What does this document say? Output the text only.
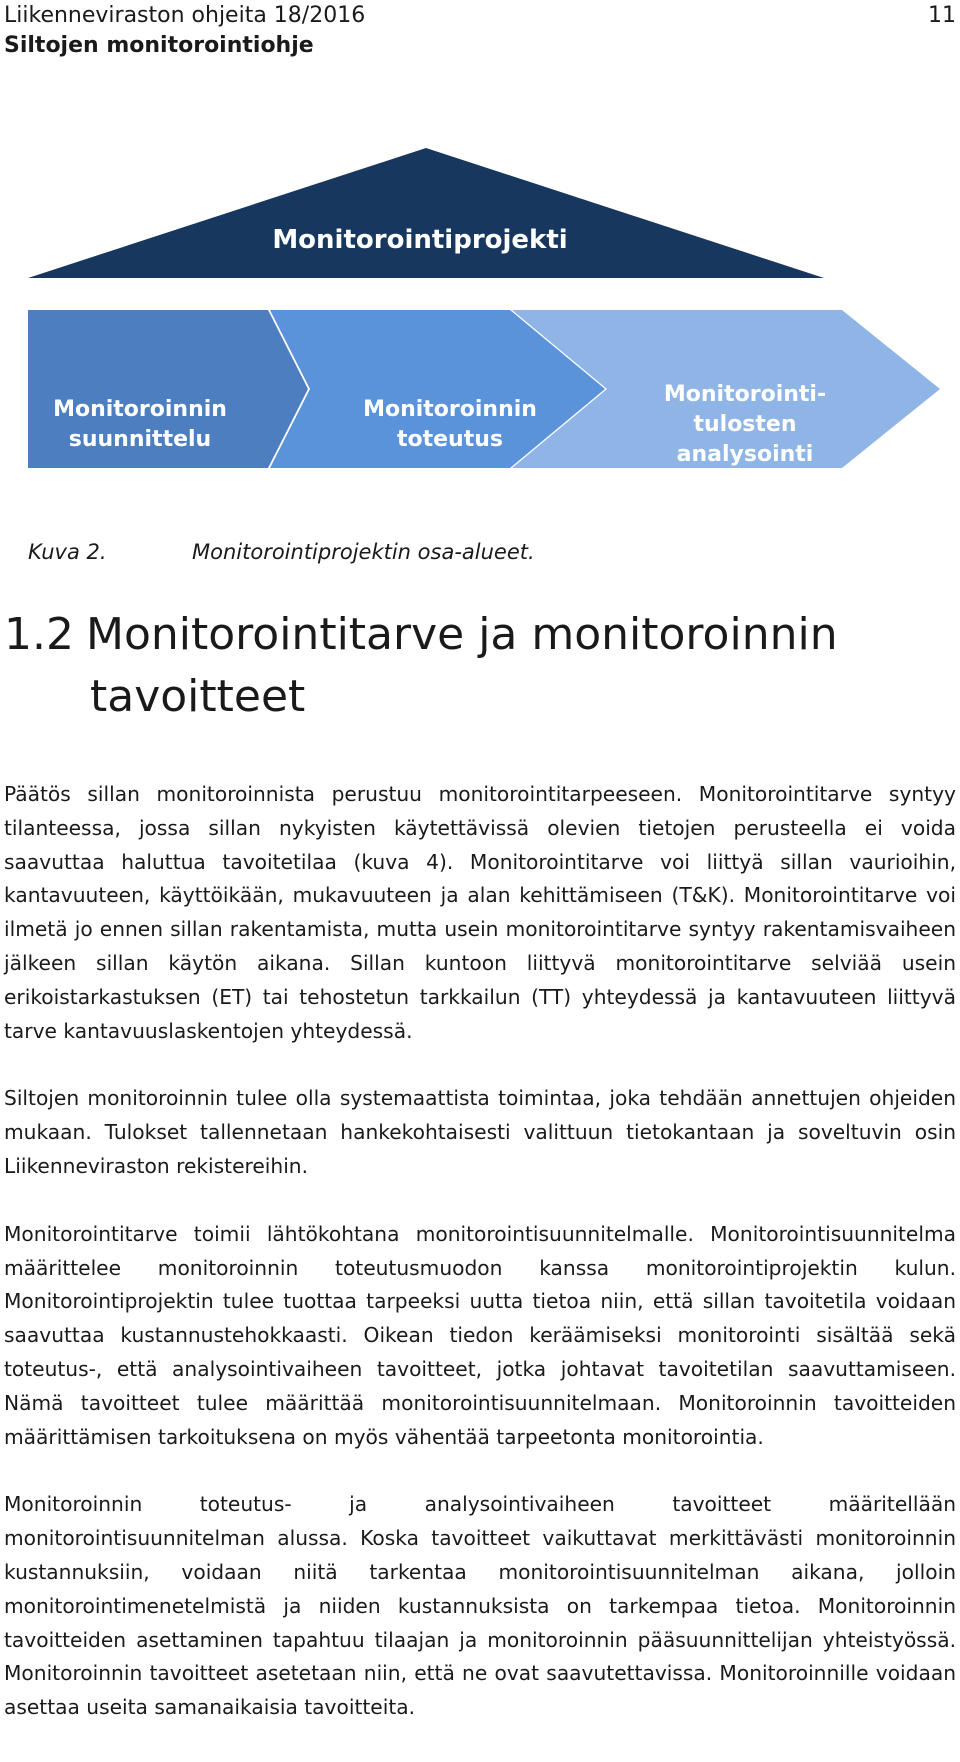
Liikenneviraston ohjeita 18/2016
Siltojen monitorointiohje
11
Monitorointiprojekti
Monitoroinnin
suunnittelu
Monitoroinnin
toteutus
Monitorointi-
tulosten
analysointi
Kuva 2.	Monitorointiprojektin osa-alueet.
1.2 Monitorointitarve ja monitoroinnin
tavoitteet

Päätös sillan monitoroinnista perustuu monitorointitarpeeseen. Monitorointitarve syntyy tilanteessa, jossa sillan nykyisten käytettävissä olevien tietojen perusteella ei voida saavuttaa haluttua tavoitetilaa (kuva 4). Monitorointitarve voi liittyä sillan vaurioihin, kantavuuteen, käyttöikään, mukavuuteen ja alan kehittämiseen (T&K). Monitorointitarve voi ilmetä jo ennen sillan rakentamista, mutta usein monitorointitarve syntyy rakentamisvaiheen jälkeen sillan käytön aikana. Sillan kuntoon liittyvä monitorointitarve selviää usein erikoistarkastuksen (ET) tai tehostetun tarkkailun (TT) yhteydessä ja kantavuuteen liittyvä tarve kantavuuslaskentojen yhteydessä.

Siltojen monitoroinnin tulee olla systemaattista toimintaa, joka tehdään annettujen ohjeiden mukaan. Tulokset tallennetaan hankekohtaisesti valittuun tietokantaan ja soveltuvin osin Liikenneviraston rekistereihin.

Monitorointitarve toimii lähtökohtana monitorointisuunnitelmalle. Monitorointisuunnitelma määrittelee monitoroinnin toteutusmuodon kanssa monitorointiprojektin kulun. Monitorointiprojektin tulee tuottaa tarpeeksi uutta tietoa niin, että sillan tavoitetila voidaan saavuttaa kustannustehokkaasti. Oikean tiedon keräämiseksi monitorointi sisältää sekä toteutus-, että analysointivaiheen tavoitteet, jotka johtavat tavoitetilan saavuttamiseen. Nämä tavoitteet tulee määrittää monitorointisuunnitelmaan. Monitoroinnin tavoitteiden määrittämisen tarkoituksena on myös vähentää tarpeetonta monitorointia.

Monitoroinnin toteutus- ja analysointivaiheen tavoitteet määritellään monitorointisuunnitelman alussa. Koska tavoitteet vaikuttavat merkittävästi monitoroinnin kustannuksiin, voidaan niitä tarkentaa monitorointisuunnitelman aikana, jolloin monitorointimenetelmistä ja niiden kustannuksista on tarkempaa tietoa. Monitoroinnin tavoitteiden asettaminen tapahtuu tilaajan ja monitoroinnin pääsuunnittelijan yhteistyössä. Monitoroinnin tavoitteet asetetaan niin, että ne ovat saavutettavissa. Monitoroinnille voidaan asettaa useita samanaikaisia tavoitteita.
